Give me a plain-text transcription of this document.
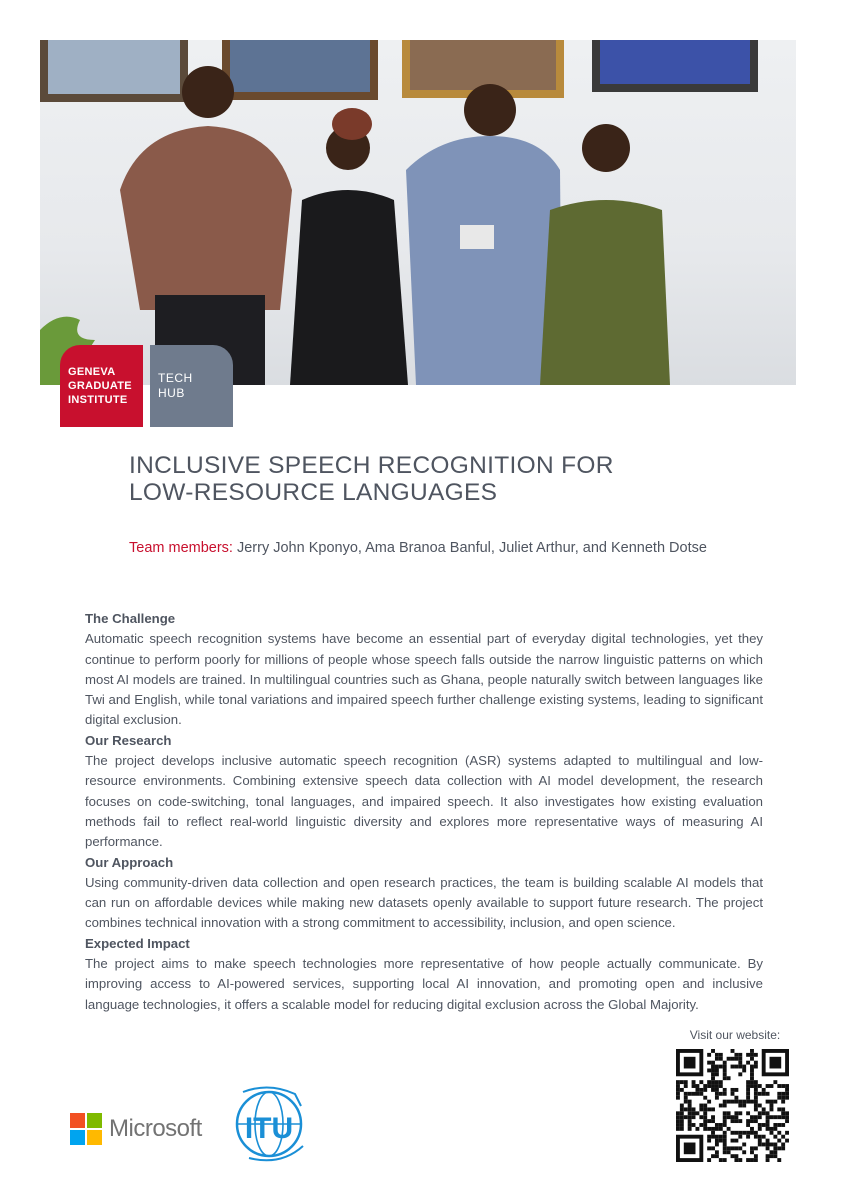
GENEVA
GRADUATE
INSTITUTE
TECH
HUB
INCLUSIVE SPEECH RECOGNITION FOR
LOW-RESOURCE LANGUAGES
Team members: Jerry John Kponyo, Ama Branoa Banful, Juliet Arthur, and Kenneth Dotse
The Challenge

Automatic speech recognition systems have become an essential part of everyday digital technologies, yet they continue to perform poorly for millions of people whose speech falls outside the narrow linguistic patterns on which most AI models are trained. In multilingual countries such as Ghana, people naturally switch between languages like Twi and English, while tonal variations and impaired speech further challenge existing systems, leading to significant digital exclusion.

Our Research

The project develops inclusive automatic speech recognition (ASR) systems adapted to multilingual and low-resource environments. Combining extensive speech data collection with AI model development, the research focuses on code-switching, tonal languages, and impaired speech. It also investigates how existing evaluation methods fail to reflect real-world linguistic diversity and explores more representative ways of measuring AI performance.

Our Approach

Using community-driven data collection and open research practices, the team is building scalable AI models that can run on affordable devices while making new datasets openly available to support future research. The project combines technical innovation with a strong commitment to accessibility, inclusion, and open science.

Expected Impact

The project aims to make speech technologies more representative of how people actually communicate. By improving access to AI-powered services, supporting local AI innovation, and promoting open and inclusive language technologies, it offers a scalable model for reducing digital exclusion across the Global Majority.

Visit our website:
Microsoft ITU
